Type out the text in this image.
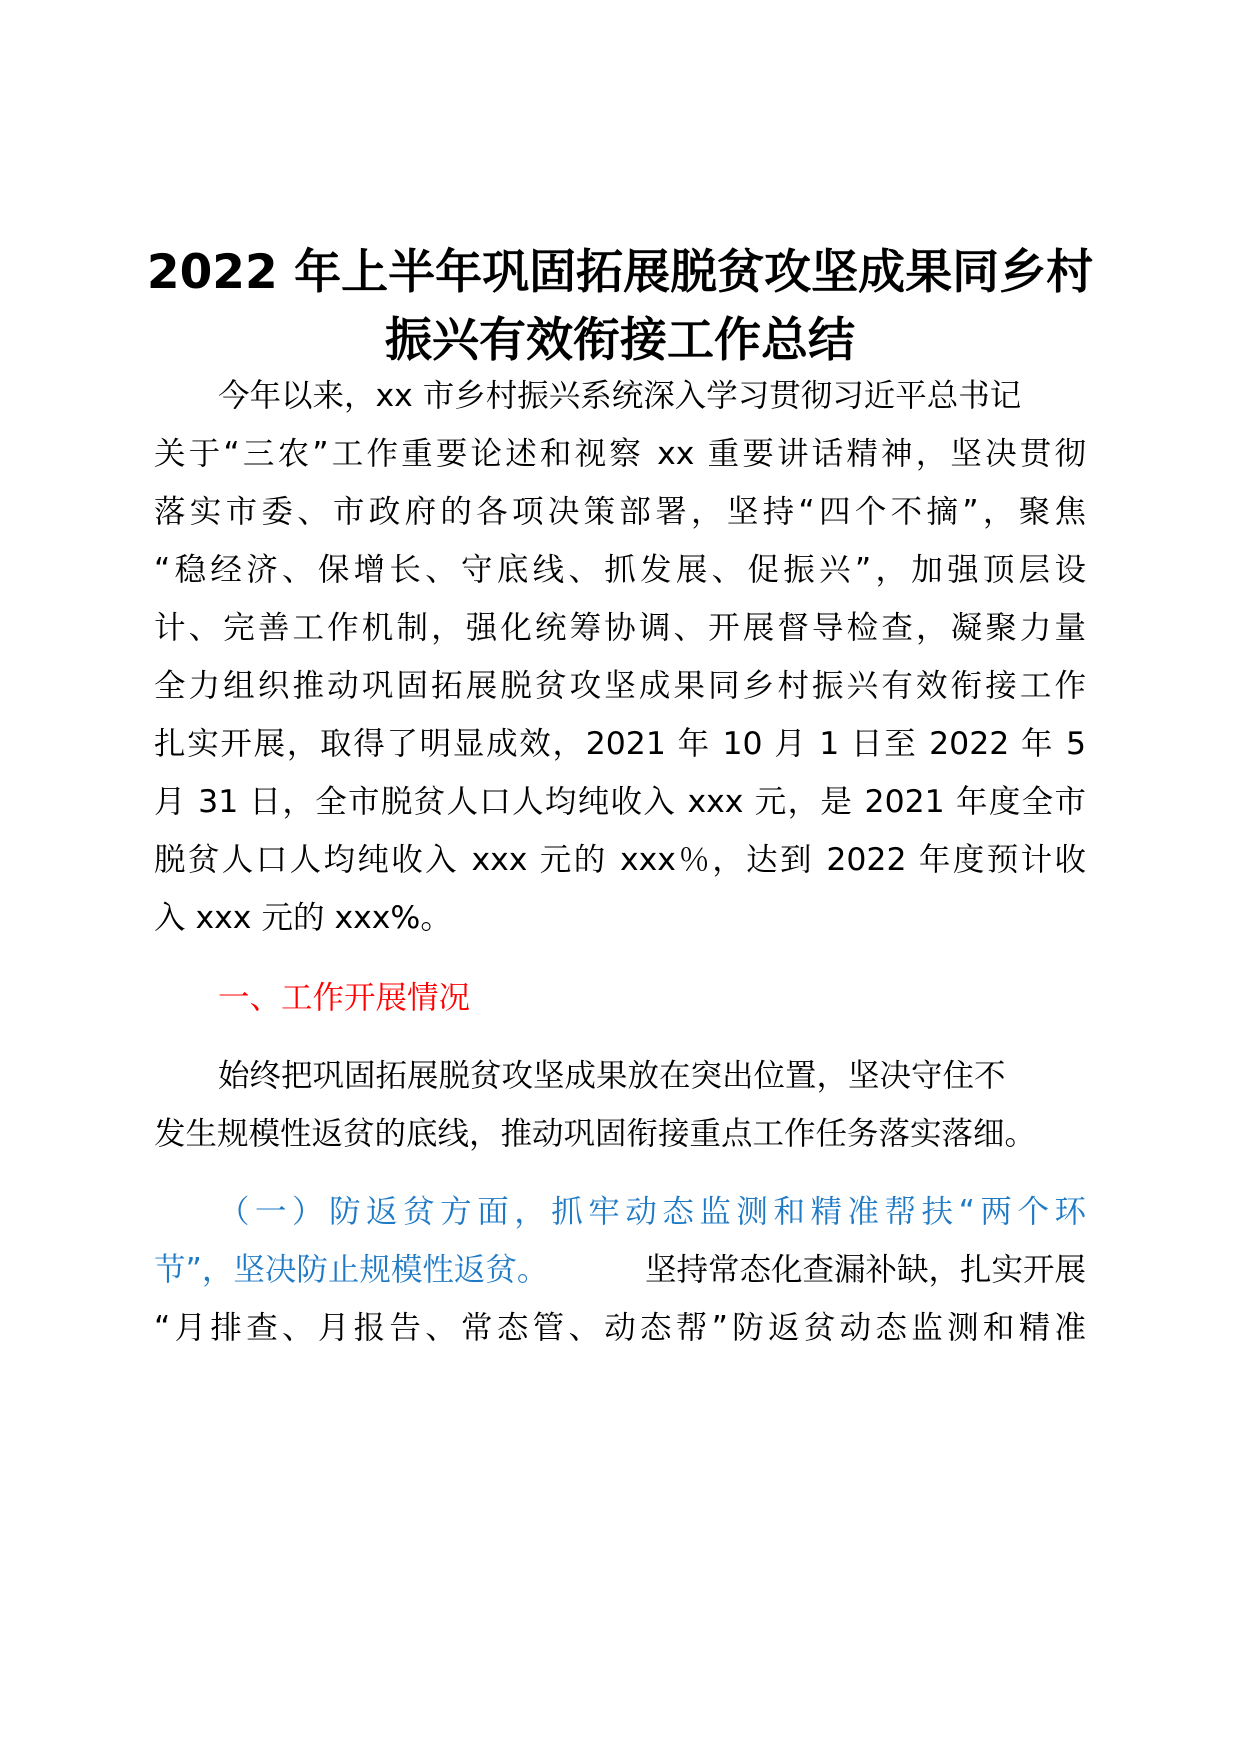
2022 年上半年巩固拓展脱贫攻坚成果同乡村
振兴有效衔接工作总结
今年以来，xx 市乡村振兴系统深入学习贯彻习近平总书记
关于“三农”工作重要论述和视察 xx 重要讲话精神，坚决贯彻
落实市委、市政府的各项决策部署，坚持“四个不摘”，聚焦
“稳经济、保增长、守底线、抓发展、促振兴”，加强顶层设
计、完善工作机制，强化统筹协调、开展督导检查，凝聚力量
全力组织推动巩固拓展脱贫攻坚成果同乡村振兴有效衔接工作
扎实开展，取得了明显成效，2021 年 10 月 1 日至 2022 年 5
月 31 日，全市脱贫人口人均纯收入 xxx 元，是 2021 年度全市
脱贫人口人均纯收入 xxx 元的 xxx％，达到 2022 年度预计收
入 xxx 元的 xxx%。
一、工作开展情况
始终把巩固拓展脱贫攻坚成果放在突出位置，坚决守住不
发生规模性返贫的底线，推动巩固衔接重点工作任务落实落细。
（一）防返贫方面，抓牢动态监测和精准帮扶“两个环
节”，坚决防止规模性返贫。	坚持常态化查漏补缺，扎实开展
“月排查、月报告、常态管、动态帮”防返贫动态监测和精准
